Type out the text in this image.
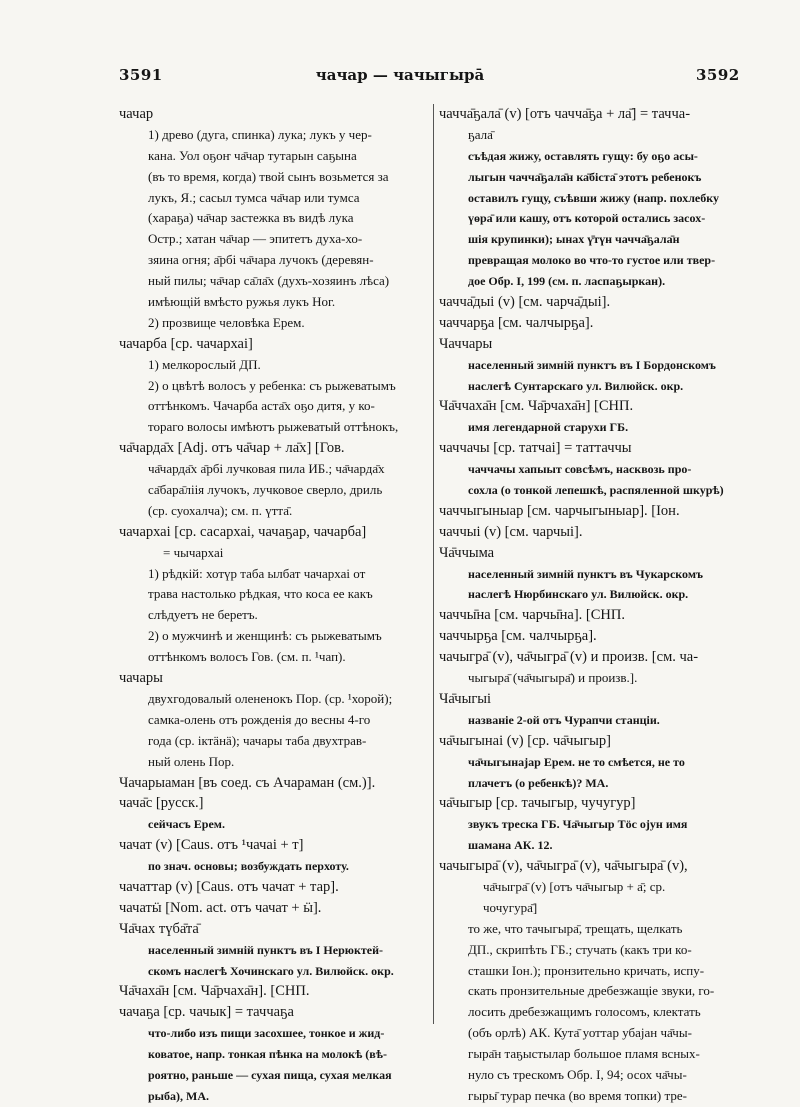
3591	чачар — чачыгыра̄	3592
чачар
1) древо (дуга, спинка) лука; лукъ у чер-
кана. Уол оҕоҥ ча̄чар тутарын саҕына
(въ то время, когда) твой сынъ возьмется за
лукъ, Я.; сасыл тумса ча̄чар или тумса
(хараҕа) ча̄чар застежка въ видѣ лука
Остр.; хатан ча̄чар — эпитетъ духа-хо-
зяина огня; а̄рбі ча̄чара лучокъ (деревян-
ный пилы; ча̄чар са̄ла̄х (духъ-хозяинъ лѣса)
имѣющій вмѣсто ружья лукъ Ног.
2) прозвище человѣка Ерем.
чачарба [ср. чачархаі]
1) мелкорослый ДП.
2) о цвѣтѣ волосъ у ребенка: съ рыжеватымъ
оттѣнкомъ. Чачарба аста̄х оҕо дитя, у ко-
тораго волосы имѣютъ рыжеватый оттѣнокъ,
ча̄чарда̄х [Adj. отъ ча̄чар + ла̄х] [Гов.
ча̄чарда̄х а̄рбі лучковая пила ИБ.; ча̄чарда̄х
са̄бара̄ліія лучокъ, лучковое сверло, дриль
(ср. суохалча); см. п. үтта̄.
чачархаі [ср. сасархаі, чачаҕар, чачарба]
= чычархаі
1) рѣдкій: хотүр таба ылбат чачархаі от
трава настолько рѣдкая, что коса ее какъ
слѣдуетъ не беретъ.
2) о мужчинѣ и женщинѣ: съ рыжеватымъ
оттѣнкомъ волосъ Гов. (см. п. ¹чап).
чачары
двухгодовалый олененокъ Пор. (ср. ¹хорой);
самка-олень отъ рожденія до весны 4-го
года (ср. іктӓнӓ); чачары таба двухтрав-
ный олень Пор.
Чачарыаман [въ соед. съ Ачараман (см.)].
чача̄с [русск.]
сейчасъ Ерем.
чачат (v) [Caus. отъ ¹чачаі + т]
по знач. основы; возбуждать перхоту.
чачаттар (v) [Caus. отъ чачат + тар].
чачатӹ [Nom. act. отъ чачат + ӹ].
Ча̄чах түба̄та̄
населенный зимній пунктъ въ I Нерюктей-
скомъ наслегѣ Хочинскаго ул. Вилюйск. окр.
Ча̄чаха̄н [см. Ча̄рчаха̄н]. [СНП.
чачаҕа [ср. чачык] = таччаҕа
что-либо изъ пищи засохшее, тонкое и жид-
коватое, напр. тонкая пѣнка на молокѣ (вѣ-
роятно, раньше — сухая пища, сухая мелкая
рыба), МА.
чачча̄ҕала̄ (v) [отъ чачча̄ҕа + ла̄] = тачча-
ҕала̄
съѣдая жижу, оставлять гущу: бу оҕо асы-
лыгын чачча̄ҕала̄н ка̄біста̄ этотъ ребенокъ
оставилъ гущу, съѣвши жижу (напр. похлебку
үөра̄ или кашу, отъ которой остались засох-
шія крупинки); ынах ү̄түн чачча̄ҕала̄н
превращая молоко во что-то густое или твер-
дое Обр. I, 199 (см. п. ласпаҕыркан).
чачча̄дыі (v) [см. чарча̄дыі].
чаччарҕа [см. чалчырҕа].
Чаччары
населенный зимній пунктъ въ I Бордонскомъ
наслегѣ Сунтарскаго ул. Вилюйск. окр.
Ча̄ччаха̄н [см. Ча̄рчаха̄н] [СНП.
имя легендарной старухи ГБ.
чаччачы [ср. татчаі] = таттаччы
чаччачы хапыыт совсѣмъ, насквозь про-
сохла (о тонкой лепешкѣ, распяленной шкурѣ)
чаччыгыныар [см. чарчыгыныар]. [Іон.
чаччыі (v) [см. чарчыі].
Ча̄ччыма
населенный зимній пунктъ въ Чукарскомъ
наслегѣ Нюрбинскаго ул. Вилюйск. окр.
чаччы̄на [см. чарчы̄на]. [СНП.
чаччырҕа [см. чалчырҕа].
чачыгра̄ (v), ча̄чыгра̄ (v) и произв. [см. ча-
чыгыра̄ (ча̄чыгыра̄) и произв.].
Ча̄чыгыі
названіе 2-ой отъ Чурапчи станціи.
ча̄чыгынаі (v) [ср. ча̄чыгыр]
ча̄чыгынајар Ерем. не то смѣется, не то
плачетъ (о ребенкѣ)? МА.
ча̄чыгыр [ср. тачыгыр, чучугур]
звукъ треска ГБ. Ча̄чыгыр Тӧс ојун имя
шамана АК. 12.
чачыгыра̄ (v), ча̄чыгра̄ (v), ча̄чыгыра̄ (v),
ча̄чыгра̄ (v) [отъ ча̄чыгыр + а̄; ср.
чочугура̄]
то же, что тачыгыра̄, трещать, щелкать
ДП., скрипѣть ГБ.; стучать (какъ три ко-
сташки Іон.); пронзительно кричать, испу-
скать пронзительные дребезжащіе звуки, го-
лосить дребезжащимъ голосомъ, клектать
(объ орлѣ) АК. Кута̄ уоттар убајан ча̄чы-
гыра̄н таҕыстылар большое пламя всных-
нуло съ трескомъ Обр. I, 94; осох ча̄чы-
гыры̄ турар печка (во время топки) тре-
